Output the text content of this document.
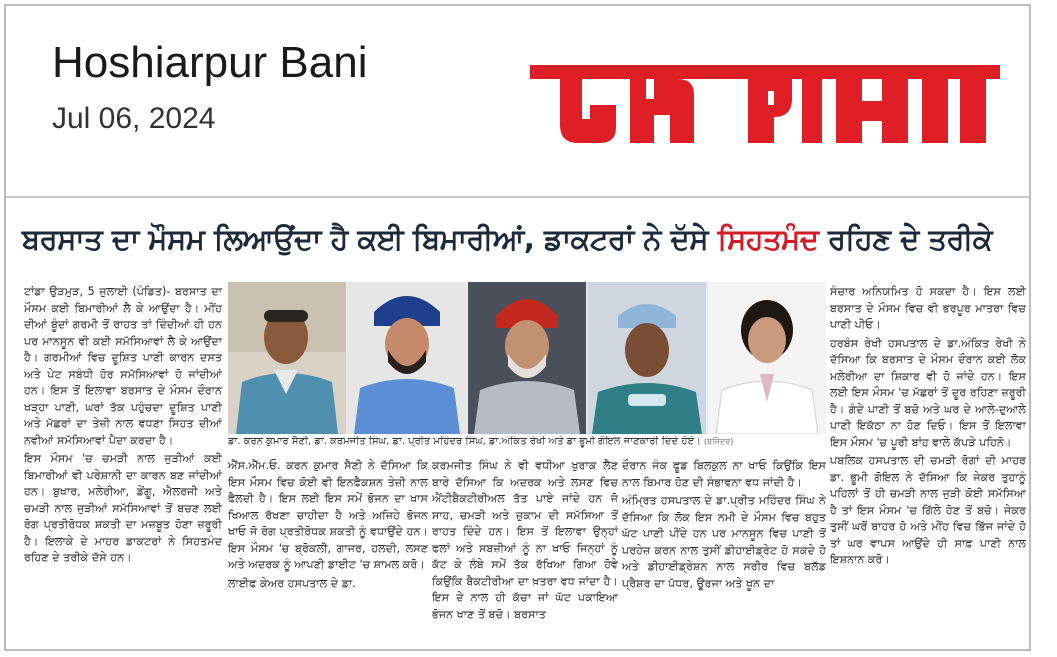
Hoshiarpur Bani
Jul 06, 2024
ਬਰਸਾਤ ਦਾ ਮੌਸਮ ਲਿਆਉਂਦਾ ਹੈ ਕਈ ਬਿਮਾਰੀਆਂ, ਡਾਕਟਰਾਂ ਨੇ ਦੱਸੇ ਸਿਹਤਮੰਦ ਰਹਿਣ ਦੇ ਤਰੀਕੇ

ਟਾਂਡਾ ਉੜਮੁੜ, 5 ਜੁਲਾਈ (ਪੰਡਿਤ)- ਬਰਸਾਤ ਦਾ ਮੌਸਮ ਕਈ ਬਿਮਾਰੀਆਂ ਲੈ ਕੇ ਆਉਂਦਾ ਹੈ। ਮੀਂਹ ਦੀਆਂ ਬੂੰਦਾਂ ਗਰਮੀ ਤੋਂ ਰਾਹਤ ਤਾਂ ਦਿੰਦੀਆਂ ਹੀ ਹਨ ਪਰ ਮਾਨਸੂਨ ਵੀ ਕਈ ਸਮੱਸਿਆਵਾਂ ਲੈ ਕੇ ਆਉਂਦਾ ਹੈ। ਗਰਮੀਆਂ ਵਿਚ ਦੂਸ਼ਿਤ ਪਾਣੀ ਕਾਰਨ ਦਸਤ ਅਤੇ ਪੇਟ ਸਬੰਧੀ ਹੋਰ ਸਮੱਸਿਆਵਾਂ ਹੋ ਜਾਂਦੀਆਂ ਹਨ। ਇਸ ਤੋਂ ਇਲਾਵਾ ਬਰਸਾਤ ਦੇ ਮੌਸਮ ਦੌਰਾਨ ਖੜ੍ਹਾ ਪਾਣੀ, ਘਰਾਂ ਤੱਕ ਪਹੁੰਚਦਾ ਦੂਸ਼ਿਤ ਪਾਣੀ ਅਤੇ ਮੱਛਰਾਂ ਦਾ ਤੇਜ਼ੀ ਨਾਲ ਵਧਣਾ ਸਿਹਤ ਦੀਆਂ ਨਵੀਆਂ ਸਮੱਸਿਆਵਾਂ ਪੈਦਾ ਕਰਦਾ ਹੈ।

ਇਸ ਮੌਸਮ 'ਚ ਚਮੜੀ ਨਾਲ ਜੁੜੀਆਂ ਕਈ ਬਿਮਾਰੀਆਂ ਵੀ ਪਰੇਸ਼ਾਨੀ ਦਾ ਕਾਰਨ ਬਣ ਜਾਂਦੀਆਂ ਹਨ। ਬੁਖਾਰ, ਮਲੇਰੀਆ, ਡੇਂਗੂ, ਐਲਰਜੀ ਅਤੇ ਚਮੜੀ ਨਾਲ ਜੁੜੀਆਂ ਸਮੱਸਿਆਵਾਂ ਤੋਂ ਬਚਣ ਲਈ ਰੋਗ ਪ੍ਰਤੀਰੋਧਕ ਸ਼ਕਤੀ ਦਾ ਮਜ਼ਬੂਤ ਹੋਣਾ ਜ਼ਰੂਰੀ ਹੈ। ਇਲਾਕੇ ਦੇ ਮਾਹਰ ਡਾਕਟਰਾਂ ਨੇ ਸਿਹਤਮੰਦ ਰਹਿਣ ਦੇ ਤਰੀਕੇ ਦੱਸੇ ਹਨ।

ਡਾ. ਕਰਨ ਕੁਮਾਰ ਸੈਣੀ, ਡਾ. ਕਰਮਜੀਤ ਸਿੰਘ, ਡਾ. ਪ੍ਰੀਤ ਮਹਿੰਦਰ ਸਿੰਘ, ਡਾ.ਅੰਕਿਤ ਰੇਖੀ ਅਤੇ ਡਾ ਭੂਮੀ ਗੋਇਲ ਜਾਣਕਾਰੀ ਦਿੰਦੇ ਹੋਏ। (ਬਜਿੰਦਰ)

ਐੱਸ.ਐੱਮ.ਓ. ਕਰਨ ਕੁਮਾਰ ਸੈਣੀ ਨੇ ਦੱਸਿਆ ਕਿ ਇਸ ਮੌਸਮ ਵਿਚ ਕੋਈ ਵੀ ਇਨਫੈਕਸ਼ਨ ਤੇਜ਼ੀ ਨਾਲ ਫੈਲਦੀ ਹੈ। ਇਸ ਲਈ ਇਸ ਸਮੇਂ ਭੋਜਨ ਦਾ ਖਾਸ ਖਿਆਲ ਰੱਖਣਾ ਚਾਹੀਦਾ ਹੈ ਅਤੇ ਅਜਿਹੇ ਭੋਜਨ ਖਾਓ ਜੋ ਰੋਗ ਪ੍ਰਤੀਰੋਧਕ ਸ਼ਕਤੀ ਨੂੰ ਵਧਾਉਂਦੇ ਹਨ। ਇਸ ਮੌਸਮ 'ਚ ਬ੍ਰੋਕਲੀ, ਗਾਜਰ, ਹਲਦੀ, ਲਸਣ ਅਤੇ ਅਦਰਕ ਨੂੰ ਆਪਣੀ ਡਾਈਟ 'ਚ ਸ਼ਾਮਲ ਕਰੋ।

ਲਾਈਫ ਕੇਅਰ ਹਸਪਤਾਲ ਦੇ ਡਾ.

ਕਰਮਜੀਤ ਸਿੰਘ ਨੇ ਵੀ ਵਧੀਆ ਖੁਰਾਕ ਲੈਣ ਬਾਰੇ ਦੱਸਿਆ ਕਿ ਅਦਰਕ ਅਤੇ ਲਸਣ ਵਿਚ ਐਂਟੀਬੈਕਟੀਰੀਅਲ ਤੱਤ ਪਾਏ ਜਾਂਦੇ ਹਨ ਜੋ ਸਾਹ, ਚਮੜੀ ਅਤੇ ਜ਼ੁਕਾਮ ਦੀ ਸਮੱਸਿਆ ਤੋਂ ਰਾਹਤ ਦਿੰਦੇ ਹਨ। ਇਸ ਤੋਂ ਇਲਾਵਾ ਉਨ੍ਹਾਂ ਫਲਾਂ ਅਤੇ ਸਬਜ਼ੀਆਂ ਨੂੰ ਨਾ ਖਾਓ ਜਿਨ੍ਹਾਂ ਨੂੰ ਕੱਟ ਕੇ ਲੰਬੇ ਸਮੇਂ ਤੱਕ ਰੱਖਿਆ ਗਿਆ ਹੋਵੇ ਕਿਉਂਕਿ ਬੈਕਟੀਰੀਆ ਦਾ ਖ਼ਤਰਾ ਵਧ ਜਾਂਦਾ ਹੈ। ਇਸ ਦੇ ਨਾਲ ਹੀ ਕੱਚਾ ਜਾਂ ਘੱਟ ਪਕਾਇਆ ਭੋਜਨ ਖਾਣ ਤੋਂ ਬਚੋ। ਬਰਸਾਤ

ਦੌਰਾਨ ਜੰਕ ਫੂਡ ਬਿਲਕੁਲ ਨਾ ਖਾਓ ਕਿਉਂਕਿ ਇਸ ਨਾਲ ਬਿਮਾਰ ਹੋਣ ਦੀ ਸੰਭਾਵਨਾ ਵਧ ਜਾਂਦੀ ਹੈ।

ਅੰਮ੍ਰਿਤ ਹਸਪਤਾਲ ਦੇ ਡਾ.ਪ੍ਰੀਤ ਮਹਿੰਦਰ ਸਿੰਘ ਨੇ ਦੱਸਿਆ ਕਿ ਲੋਕ ਇਸ ਨਮੀ ਦੇ ਮੌਸਮ ਵਿਚ ਬਹੁਤ ਘੱਟ ਪਾਣੀ ਪੀਂਦੇ ਹਨ ਪਰ ਮਾਨਸੂਨ ਵਿਚ ਪਾਣੀ ਤੋਂ ਪਰਹੇਜ਼ ਕਰਨ ਨਾਲ ਤੁਸੀਂ ਡੀਹਾਈਡ੍ਰੇਟ ਹੋ ਸਕਦੇ ਹੋ ਅਤੇ ਡੀਹਾਈਡ੍ਰੇਸ਼ਨ ਨਾਲ ਸਰੀਰ ਵਿਚ ਬਲੱਡ ਪ੍ਰੈਸ਼ਰ ਦਾ ਪੱਧਰ, ਊਰਜਾ ਅਤੇ ਖੂਨ ਦਾ

ਸੰਚਾਰ ਅਨਿਯਮਿਤ ਹੋ ਸਕਦਾ ਹੈ। ਇਸ ਲਈ ਬਰਸਾਤ ਦੇ ਮੌਸਮ ਵਿਚ ਵੀ ਭਰਪੂਰ ਮਾਤਰਾ ਵਿਚ ਪਾਣੀ ਪੀਓ।

ਹਰਬੰਸ ਰੇਖੀ ਹਸਪਤਾਲ ਦੇ ਡਾ.ਅੰਕਿਤ ਰੇਖੀ ਨੇ ਦੱਸਿਆ ਕਿ ਬਰਸਾਤ ਦੇ ਮੌਸਮ ਦੌਰਾਨ ਕਈ ਲੋਕ ਮਲੇਰੀਆ ਦਾ ਸ਼ਿਕਾਰ ਵੀ ਹੋ ਜਾਂਦੇ ਹਨ। ਇਸ ਲਈ ਇਸ ਮੌਸਮ 'ਚ ਮੱਛਰਾਂ ਤੋਂ ਦੂਰ ਰਹਿਣਾ ਜ਼ਰੂਰੀ ਹੈ। ਗੰਦੇ ਪਾਣੀ ਤੋਂ ਬਚੋ ਅਤੇ ਘਰ ਦੇ ਆਲੇ-ਦੁਆਲੇ ਪਾਣੀ ਇਕੱਠਾ ਨਾ ਹੋਣ ਦਿਓ। ਇਸ ਤੋਂ ਇਲਾਵਾ ਇਸ ਮੌਸਮ 'ਚ ਪੂਰੀ ਬਾਂਹ ਵਾਲੇ ਕੱਪੜੇ ਪਹਿਨੋ।

ਪਬਲਿਕ ਹਸਪਤਾਲ ਦੀ ਚਮੜੀ ਰੋਗਾਂ ਦੀ ਮਾਹਰ ਡਾ. ਭੂਮੀ ਗੋਇਲ ਨੇ ਦੱਸਿਆ ਕਿ ਜੇਕਰ ਤੁਹਾਨੂੰ ਪਹਿਲਾਂ ਤੋਂ ਹੀ ਚਮੜੀ ਨਾਲ ਜੁੜੀ ਕੋਈ ਸਮੱਸਿਆ ਹੈ ਤਾਂ ਇਸ ਮੌਸਮ 'ਚ ਗਿੱਲੇ ਹੋਣ ਤੋਂ ਬਚੋ। ਜੇਕਰ ਤੁਸੀਂ ਘਰੋਂ ਬਾਹਰ ਹੋ ਅਤੇ ਮੀਂਹ ਵਿਚ ਭਿੱਜ ਜਾਂਦੇ ਹੋ ਤਾਂ ਘਰ ਵਾਪਸ ਆਉਂਦੇ ਹੀ ਸਾਫ਼ ਪਾਣੀ ਨਾਲ ਇਸ਼ਨਾਨ ਕਰੋ।
